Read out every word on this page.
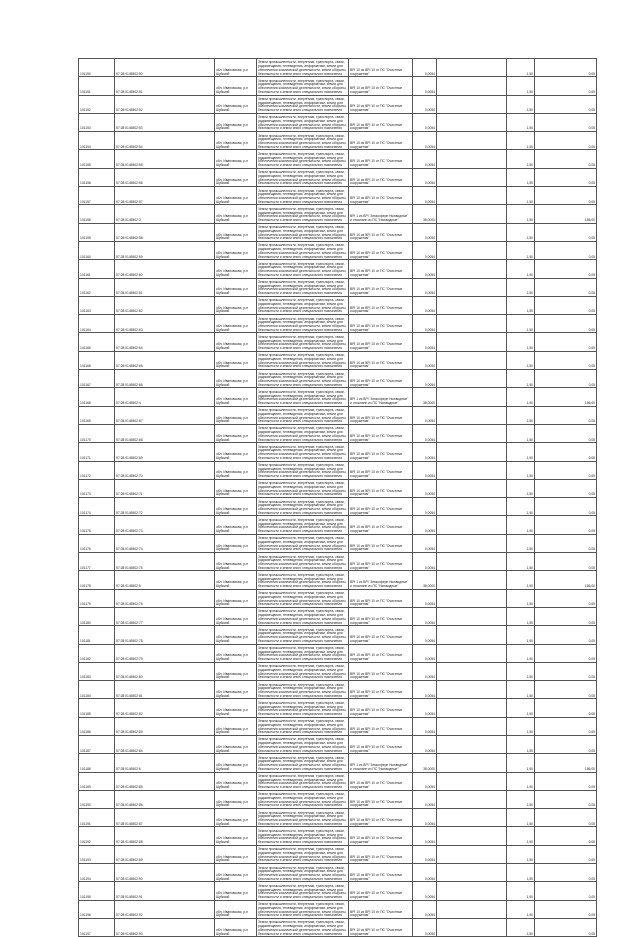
101150	57:28:0145502:50	обл. Ивановская, р-н Шуйский	Земли промышленности, энергетики, транспорта, связи, радиовещания, телевидения, информатики, земли для обеспечения космической деятельности, земли обороны, безопасности и земли иного специального назначения	ВРI 10 из ВРI 10 от ПС "Очистные сооружения"	0,0054		1,50	0,05
101151	57:28:0145502:51	обл. Ивановская, р-н Шуйский	Земли промышленности, энергетики, транспорта, связи, радиовещания, телевидения, информатики, земли для обеспечения космической деятельности, земли обороны, безопасности и земли иного специального назначения	ВРI 10 из ВРI 10 от ПС "Очистные сооружения"	0,0054		1,50	0,05
101152	57:28:0145502:52	обл. Ивановская, р-н Шуйский	Земли промышленности, энергетики, транспорта, связи, радиовещания, телевидения, информатики, земли для обеспечения космической деятельности, земли обороны, безопасности и земли иного специального назначения	ВРI 10 из ВРI 10 от ПС "Очистные сооружения"	0,0054		1,50	0,05
101153	57:28:0145502:53	обл. Ивановская, р-н Шуйский	Земли промышленности, энергетики, транспорта, связи, радиовещания, телевидения, информатики, земли для обеспечения космической деятельности, земли обороны, безопасности и земли иного специального назначения	ВРI 10 из ВРI 10 от ПС "Очистные сооружения"	0,0054		1,50	0,05
101154	57:28:0145502:54	обл. Ивановская, р-н Шуйский	Земли промышленности, энергетики, транспорта, связи, радиовещания, телевидения, информатики, земли для обеспечения космической деятельности, земли обороны, безопасности и земли иного специального назначения	ВРI 10 из ВРI 10 от ПС "Очистные сооружения"	0,0054		1,50	0,05
101155	57:28:0145502:55	обл. Ивановская, р-н Шуйский	Земли промышленности, энергетики, транспорта, связи, радиовещания, телевидения, информатики, земли для обеспечения космической деятельности, земли обороны, безопасности и земли иного специального назначения	ВРI 10 из ВРI 10 от ПС "Очистные сооружения"	0,0054		1,50	0,05
101156	57:28:0145502:56	обл. Ивановская, р-н Шуйский	Земли промышленности, энергетики, транспорта, связи, радиовещания, телевидения, информатики, земли для обеспечения космической деятельности, земли обороны, безопасности и земли иного специального назначения	ВРI 10 из ВРI 10 от ПС "Очистные сооружения"	0,0054		1,50	0,05
101157	57:28:0145502:57	обл. Ивановская, р-н Шуйский	Земли промышленности, энергетики, транспорта, связи, радиовещания, телевидения, информатики, земли для обеспечения космической деятельности, земли обороны, безопасности и земли иного специального назначения	ВРI 10 из ВРI 10 от ПС "Очистные сооружения"	0,0054		1,50	0,05
101158	57:28:0145502:3	обл. Ивановская, р-н Шуйский	Земли промышленности, энергетики, транспорта, связи, радиовещания, телевидения, информатики, земли для обеспечения космической деятельности, земли обороны, безопасности и земли иного специального назначения	ВРI 1 из ВРI "Атмосферн Ньюводные" и отсыпанн из ПС "Ньюводные"	38,0000		1,50	186,00
101159	57:28:0145502:58	обл. Ивановская, р-н Шуйский	Земли промышленности, энергетики, транспорта, связи, радиовещания, телевидения, информатики, земли для обеспечения космической деятельности, земли обороны, безопасности и земли иного специального назначения	ВРI 10 из ВРI 10 от ПС "Очистные сооружения"	0,0054		1,50	0,05
101160	57:28:0145502:59	обл. Ивановская, р-н Шуйский	Земли промышленности, энергетики, транспорта, связи, радиовещания, телевидения, информатики, земли для обеспечения космической деятельности, земли обороны, безопасности и земли иного специального назначения	ВРI 10 из ВРI 10 от ПС "Очистные сооружения"	0,0054		1,50	0,05
101161	57:28:0145502:60	обл. Ивановская, р-н Шуйский	Земли промышленности, энергетики, транспорта, связи, радиовещания, телевидения, информатики, земли для обеспечения космической деятельности, земли обороны, безопасности и земли иного специального назначения	ВРI 10 из ВРI 10 от ПС "Очистные сооружения"	0,0054		1,50	0,05
101162	57:28:0145502:61	обл. Ивановская, р-н Шуйский	Земли промышленности, энергетики, транспорта, связи, радиовещания, телевидения, информатики, земли для обеспечения космической деятельности, земли обороны, безопасности и земли иного специального назначения	ВРI 10 из ВРI 10 от ПС "Очистные сооружения"	0,0054		1,50	0,05
101163	57:28:0145502:62	обл. Ивановская, р-н Шуйский	Земли промышленности, энергетики, транспорта, связи, радиовещания, телевидения, информатики, земли для обеспечения космической деятельности, земли обороны, безопасности и земли иного специального назначения	ВРI 10 из ВРI 10 от ПС "Очистные сооружения"	0,0054		1,50	0,05
101164	57:28:0145502:63	обл. Ивановская, р-н Шуйский	Земли промышленности, энергетики, транспорта, связи, радиовещания, телевидения, информатики, земли для обеспечения космической деятельности, земли обороны, безопасности и земли иного специального назначения	ВРI 10 из ВРI 10 от ПС "Очистные сооружения"	0,0054		1,50	0,05
101165	57:28:0145502:64	обл. Ивановская, р-н Шуйский	Земли промышленности, энергетики, транспорта, связи, радиовещания, телевидения, информатики, земли для обеспечения космической деятельности, земли обороны, безопасности и земли иного специального назначения	ВРI 10 из ВРI 10 от ПС "Очистные сооружения"	0,0054		1,50	0,05
101166	57:28:0145502:65	обл. Ивановская, р-н Шуйский	Земли промышленности, энергетики, транспорта, связи, радиовещания, телевидения, информатики, земли для обеспечения космической деятельности, земли обороны, безопасности и земли иного специального назначения	ВРI 10 из ВРI 10 от ПС "Очистные сооружения"	0,0054		1,50	0,05
101167	57:28:0145502:66	обл. Ивановская, р-н Шуйский	Земли промышленности, энергетики, транспорта, связи, радиовещания, телевидения, информатики, земли для обеспечения космической деятельности, земли обороны, безопасности и земли иного специального назначения	ВРI 10 из ВРI 10 от ПС "Очистные сооружения"	0,0054		1,50	0,05
101168	57:28:0145502:4	обл. Ивановская, р-н Шуйский	Земли промышленности, энергетики, транспорта, связи, радиовещания, телевидения, информатики, земли для обеспечения космической деятельности, земли обороны, безопасности и земли иного специального назначения	ВРI 1 из ВРI "Атмосферн Ньюводные" и отсыпанн из ПС "Ньюводные"	38,0000		1,50	186,00
101169	57:28:0145502:67	обл. Ивановская, р-н Шуйский	Земли промышленности, энергетики, транспорта, связи, радиовещания, телевидения, информатики, земли для обеспечения космической деятельности, земли обороны, безопасности и земли иного специального назначения	ВРI 10 из ВРI 10 от ПС "Очистные сооружения"	0,0054		1,50	0,05
101170	57:28:0145502:68	обл. Ивановская, р-н Шуйский	Земли промышленности, энергетики, транспорта, связи, радиовещания, телевидения, информатики, земли для обеспечения космической деятельности, земли обороны, безопасности и земли иного специального назначения	ВРI 10 из ВРI 10 от ПС "Очистные сооружения"	0,0054		1,50	0,05
101171	57:28:0145502:69	обл. Ивановская, р-н Шуйский	Земли промышленности, энергетики, транспорта, связи, радиовещания, телевидения, информатики, земли для обеспечения космической деятельности, земли обороны, безопасности и земли иного специального назначения	ВРI 10 из ВРI 10 от ПС "Очистные сооружения"	0,0054		1,50	0,05
101172	57:28:0145502:70	обл. Ивановская, р-н Шуйский	Земли промышленности, энергетики, транспорта, связи, радиовещания, телевидения, информатики, земли для обеспечения космической деятельности, земли обороны, безопасности и земли иного специального назначения	ВРI 10 из ВРI 10 от ПС "Очистные сооружения"	0,0054		1,50	0,05
101173	57:28:0145502:71	обл. Ивановская, р-н Шуйский	Земли промышленности, энергетики, транспорта, связи, радиовещания, телевидения, информатики, земли для обеспечения космической деятельности, земли обороны, безопасности и земли иного специального назначения	ВРI 10 из ВРI 10 от ПС "Очистные сооружения"	0,0054		1,50	0,05
101174	57:28:0145502:72	обл. Ивановская, р-н Шуйский	Земли промышленности, энергетики, транспорта, связи, радиовещания, телевидения, информатики, земли для обеспечения космической деятельности, земли обороны, безопасности и земли иного специального назначения	ВРI 10 из ВРI 10 от ПС "Очистные сооружения"	0,0054		1,50	0,05
101175	57:28:0145502:73	обл. Ивановская, р-н Шуйский	Земли промышленности, энергетики, транспорта, связи, радиовещания, телевидения, информатики, земли для обеспечения космической деятельности, земли обороны, безопасности и земли иного специального назначения	ВРI 10 из ВРI 10 от ПС "Очистные сооружения"	0,0054		1,50	0,05
101176	57:28:0145502:74	обл. Ивановская, р-н Шуйский	Земли промышленности, энергетики, транспорта, связи, радиовещания, телевидения, информатики, земли для обеспечения космической деятельности, земли обороны, безопасности и земли иного специального назначения	ВРI 10 из ВРI 10 от ПС "Очистные сооружения"	0,0054		1,50	0,05
101177	57:28:0145502:75	обл. Ивановская, р-н Шуйский	Земли промышленности, энергетики, транспорта, связи, радиовещания, телевидения, информатики, земли для обеспечения космической деятельности, земли обороны, безопасности и земли иного специального назначения	ВРI 10 из ВРI 10 от ПС "Очистные сооружения"	0,0054		1,50	0,05
101178	57:28:0145502:5	обл. Ивановская, р-н Шуйский	Земли промышленности, энергетики, транспорта, связи, радиовещания, телевидения, информатики, земли для обеспечения космической деятельности, земли обороны, безопасности и земли иного специального назначения	ВРI 1 из ВРI "Атмосферн Ньюводные" и отсыпанн из ПС "Ньюводные"	38,0000		1,50	186,00
101179	57:28:0145502:76	обл. Ивановская, р-н Шуйский	Земли промышленности, энергетики, транспорта, связи, радиовещания, телевидения, информатики, земли для обеспечения космической деятельности, земли обороны, безопасности и земли иного специального назначения	ВРI 10 из ВРI 10 от ПС "Очистные сооружения"	0,0054		1,50	0,05
101180	57:28:0145502:77	обл. Ивановская, р-н Шуйский	Земли промышленности, энергетики, транспорта, связи, радиовещания, телевидения, информатики, земли для обеспечения космической деятельности, земли обороны, безопасности и земли иного специального назначения	ВРI 10 из ВРI 10 от ПС "Очистные сооружения"	0,0054		1,50	0,05
101181	57:28:0145502:78	обл. Ивановская, р-н Шуйский	Земли промышленности, энергетики, транспорта, связи, радиовещания, телевидения, информатики, земли для обеспечения космической деятельности, земли обороны, безопасности и земли иного специального назначения	ВРI 10 из ВРI 10 от ПС "Очистные сооружения"	0,0054		1,50	0,05
101182	57:28:0145502:79	обл. Ивановская, р-н Шуйский	Земли промышленности, энергетики, транспорта, связи, радиовещания, телевидения, информатики, земли для обеспечения космической деятельности, земли обороны, безопасности и земли иного специального назначения	ВРI 10 из ВРI 10 от ПС "Очистные сооружения"	0,0054		1,50	0,05
101183	57:28:0145502:80	обл. Ивановская, р-н Шуйский	Земли промышленности, энергетики, транспорта, связи, радиовещания, телевидения, информатики, земли для обеспечения космической деятельности, земли обороны, безопасности и земли иного специального назначения	ВРI 10 из ВРI 10 от ПС "Очистные сооружения"	0,0054		1,50	0,05
101184	57:28:0145502:81	обл. Ивановская, р-н Шуйский	Земли промышленности, энергетики, транспорта, связи, радиовещания, телевидения, информатики, земли для обеспечения космической деятельности, земли обороны, безопасности и земли иного специального назначения	ВРI 10 из ВРI 10 от ПС "Очистные сооружения"	0,0054		1,50	0,05
101185	57:28:0145502:82	обл. Ивановская, р-н Шуйский	Земли промышленности, энергетики, транспорта, связи, радиовещания, телевидения, информатики, земли для обеспечения космической деятельности, земли обороны, безопасности и земли иного специального назначения	ВРI 10 из ВРI 10 от ПС "Очистные сооружения"	0,0054		1,50	0,05
101186	57:28:0145502:83	обл. Ивановская, р-н Шуйский	Земли промышленности, энергетики, транспорта, связи, радиовещания, телевидения, информатики, земли для обеспечения космической деятельности, земли обороны, безопасности и земли иного специального назначения	ВРI 10 из ВРI 10 от ПС "Очистные сооружения"	0,0054		1,50	0,05
101187	57:28:0145502:84	обл. Ивановская, р-н Шуйский	Земли промышленности, энергетики, транспорта, связи, радиовещания, телевидения, информатики, земли для обеспечения космической деятельности, земли обороны, безопасности и земли иного специального назначения	ВРI 10 из ВРI 10 от ПС "Очистные сооружения"	0,0054		1,50	0,05
101188	57:28:0145502:6	обл. Ивановская, р-н Шуйский	Земли промышленности, энергетики, транспорта, связи, радиовещания, телевидения, информатики, земли для обеспечения космической деятельности, земли обороны, безопасности и земли иного специального назначения	ВРI 1 из ВРI "Атмосферн Ньюводные" и отсыпанн из ПС "Ньюводные"	38,0000		1,50	186,00
101189	57:28:0145502:85	обл. Ивановская, р-н Шуйский	Земли промышленности, энергетики, транспорта, связи, радиовещания, телевидения, информатики, земли для обеспечения космической деятельности, земли обороны, безопасности и земли иного специального назначения	ВРI 10 из ВРI 10 от ПС "Очистные сооружения"	0,0054		1,50	0,05
101190	57:28:0145502:86	обл. Ивановская, р-н Шуйский	Земли промышленности, энергетики, транспорта, связи, радиовещания, телевидения, информатики, земли для обеспечения космической деятельности, земли обороны, безопасности и земли иного специального назначения	ВРI 10 из ВРI 10 от ПС "Очистные сооружения"	0,0054		1,50	0,05
101191	57:28:0145502:87	обл. Ивановская, р-н Шуйский	Земли промышленности, энергетики, транспорта, связи, радиовещания, телевидения, информатики, земли для обеспечения космической деятельности, земли обороны, безопасности и земли иного специального назначения	ВРI 10 из ВРI 10 от ПС "Очистные сооружения"	0,0054		1,50	0,05
101192	57:28:0145502:88	обл. Ивановская, р-н Шуйский	Земли промышленности, энергетики, транспорта, связи, радиовещания, телевидения, информатики, земли для обеспечения космической деятельности, земли обороны, безопасности и земли иного специального назначения	ВРI 10 из ВРI 10 от ПС "Очистные сооружения"	0,0054		1,50	0,05
101193	57:28:0145502:89	обл. Ивановская, р-н Шуйский	Земли промышленности, энергетики, транспорта, связи, радиовещания, телевидения, информатики, земли для обеспечения космической деятельности, земли обороны, безопасности и земли иного специального назначения	ВРI 10 из ВРI 10 от ПС "Очистные сооружения"	0,0054		1,50	0,05
101194	57:28:0145502:90	обл. Ивановская, р-н Шуйский	Земли промышленности, энергетики, транспорта, связи, радиовещания, телевидения, информатики, земли для обеспечения космической деятельности, земли обороны, безопасности и земли иного специального назначения	ВРI 10 из ВРI 10 от ПС "Очистные сооружения"	0,0054		1,50	0,05
101195	57:28:0145502:91	обл. Ивановская, р-н Шуйский	Земли промышленности, энергетики, транспорта, связи, радиовещания, телевидения, информатики, земли для обеспечения космической деятельности, земли обороны, безопасности и земли иного специального назначения	ВРI 10 из ВРI 10 от ПС "Очистные сооружения"	0,0054		1,50	0,05
101196	57:28:0145502:92	обл. Ивановская, р-н Шуйский	Земли промышленности, энергетики, транспорта, связи, радиовещания, телевидения, информатики, земли для обеспечения космической деятельности, земли обороны, безопасности и земли иного специального назначения	ВРI 10 из ВРI 10 от ПС "Очистные сооружения"	0,0054		1,50	0,05
101197	57:28:0145502:93	обл. Ивановская, р-н Шуйский	Земли промышленности, энергетики, транспорта, связи, радиовещания, телевидения, информатики, земли для обеспечения космической деятельности, земли обороны, безопасности и земли иного специального назначения	ВРI 10 из ВРI 10 от ПС "Очистные сооружения"	0,0054		1,50	0,05
